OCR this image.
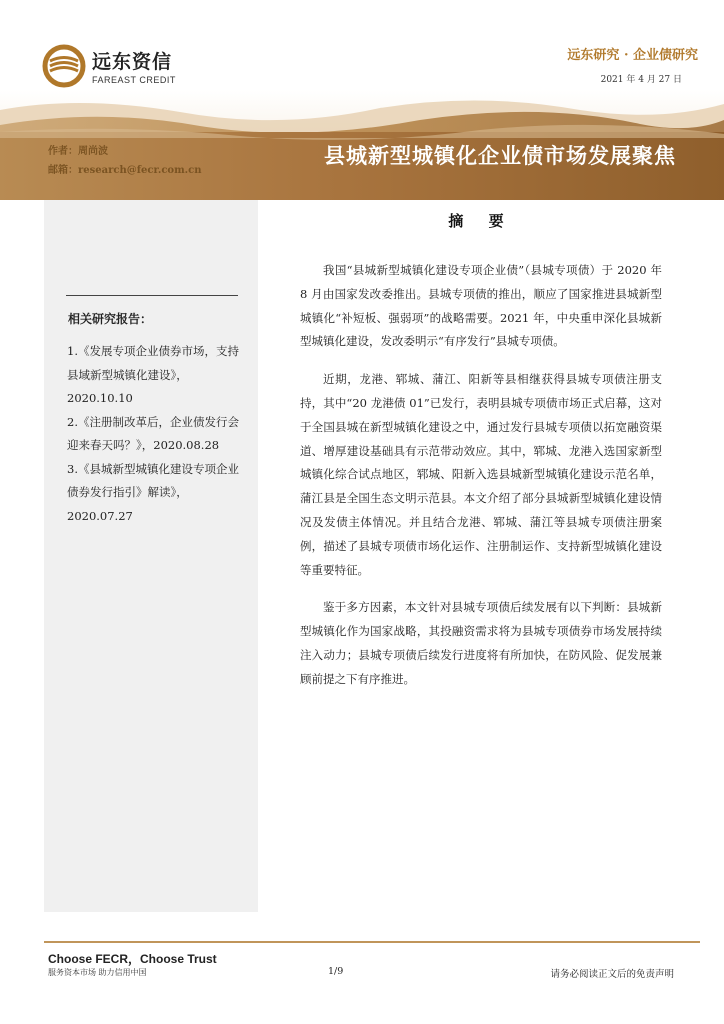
远东资信
FAREAST CREDIT
远东研究 · 企业债研究
2021 年 4 月 27 日
作者：周尚波
邮箱：research@fecr.com.cn
县城新型城镇化企业债市场发展聚焦
相关研究报告：

1.《发展专项企业债券市场，支持县域新型城镇化建设》，

2020.10.10

2.《注册制改革后，企业债发行会迎来春天吗？》，2020.08.28

3.《县城新型城镇化建设专项企业债券发行指引》解读》，

2020.07.27

摘 要

我国“县城新型城镇化建设专项企业债”（县城专项债）于 2020 年 8 月由国家发改委推出。县城专项债的推出，顺应了国家推进县城新型城镇化“补短板、强弱项”的战略需要。2021 年，中央重申深化县城新型城镇化建设，发改委明示“有序发行”县城专项债。

近期，龙港、郓城、蒲江、阳新等县相继获得县城专项债注册支持，其中“20 龙港债 01”已发行，表明县城专项债市场正式启幕，这对于全国县城在新型城镇化建设之中，通过发行县城专项债以拓宽融资渠道、增厚建设基础具有示范带动效应。其中，郓城、龙港入选国家新型城镇化综合试点地区，郓城、阳新入选县城新型城镇化建设示范名单，蒲江县是全国生态文明示范县。本文介绍了部分县城新型城镇化建设情况及发债主体情况。并且结合龙港、郓城、蒲江等县城专项债注册案例，描述了县城专项债市场化运作、注册制运作、支持新型城镇化建设等重要特征。

鉴于多方因素，本文针对县城专项债后续发展有以下判断：县城新型城镇化作为国家战略，其投融资需求将为县城专项债券市场发展持续注入动力；县城专项债后续发行进度将有所加快，在防风险、促发展兼顾前提之下有序推进。

Choose FECR，Choose Trust
服务资本市场 助力信用中国	1/9	请务必阅读正文后的免责声明
